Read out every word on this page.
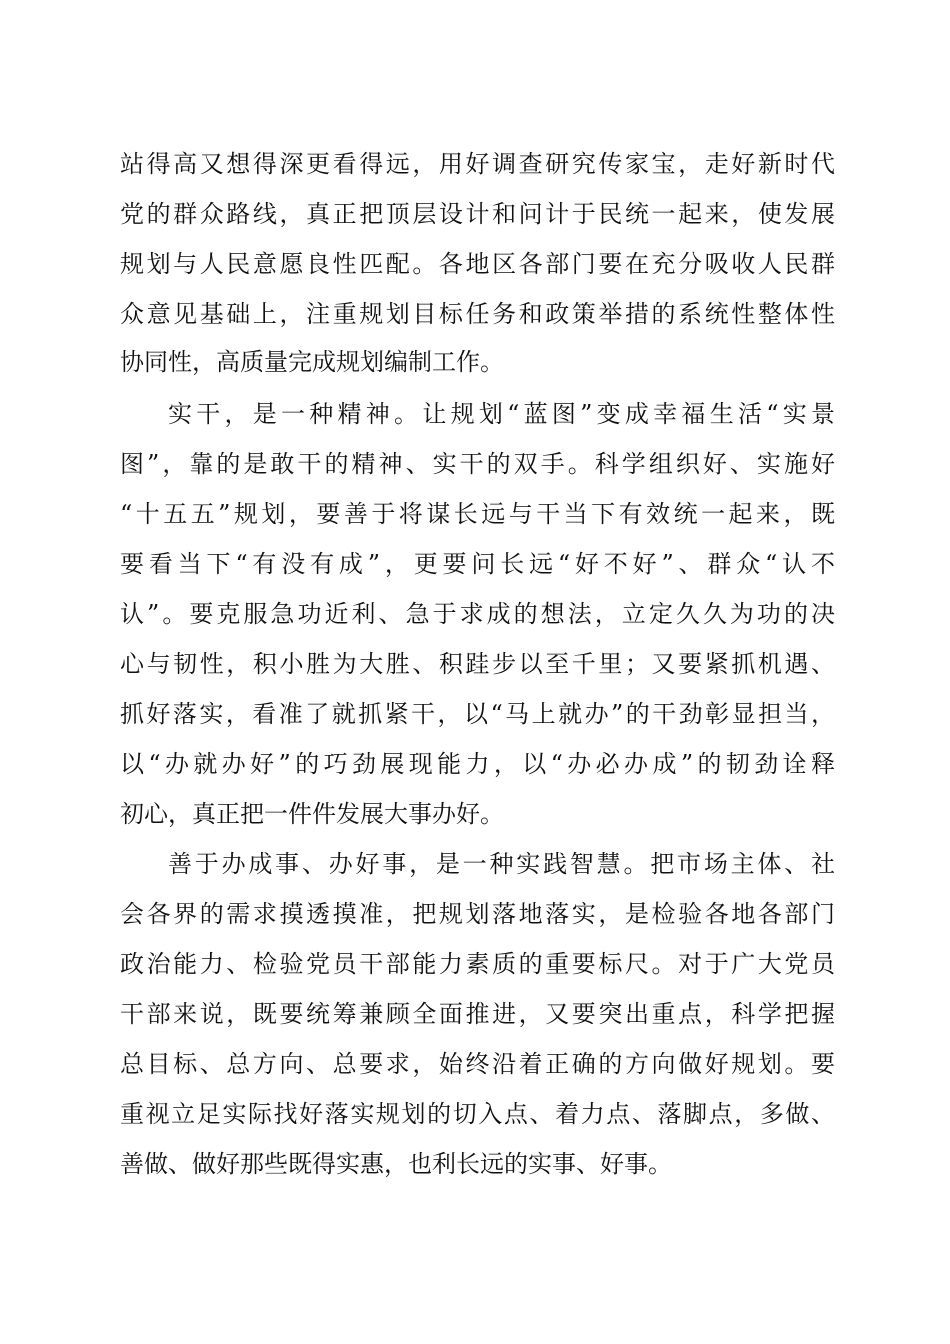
站得高又想得深更看得远，用好调查研究传家宝，走好新时代
党的群众路线，真正把顶层设计和问计于民统一起来，使发展
规划与人民意愿良性匹配。各地区各部门要在充分吸收人民群
众意见基础上，注重规划目标任务和政策举措的系统性整体性
协同性，高质量完成规划编制工作。
实干，是一种精神。让规划“蓝图”变成幸福生活“实景
图”，靠的是敢干的精神、实干的双手。科学组织好、实施好
“十五五”规划，要善于将谋长远与干当下有效统一起来，既
要看当下“有没有成”，更要问长远“好不好”、群众“认不
认”。要克服急功近利、急于求成的想法，立定久久为功的决
心与韧性，积小胜为大胜、积跬步以至千里；又要紧抓机遇、
抓好落实，看准了就抓紧干，以“马上就办”的干劲彰显担当，
以“办就办好”的巧劲展现能力，以“办必办成”的韧劲诠释
初心，真正把一件件发展大事办好。
善于办成事、办好事，是一种实践智慧。把市场主体、社
会各界的需求摸透摸准，把规划落地落实，是检验各地各部门
政治能力、检验党员干部能力素质的重要标尺。对于广大党员
干部来说，既要统筹兼顾全面推进，又要突出重点，科学把握
总目标、总方向、总要求，始终沿着正确的方向做好规划。要
重视立足实际找好落实规划的切入点、着力点、落脚点，多做、
善做、做好那些既得实惠，也利长远的实事、好事。
